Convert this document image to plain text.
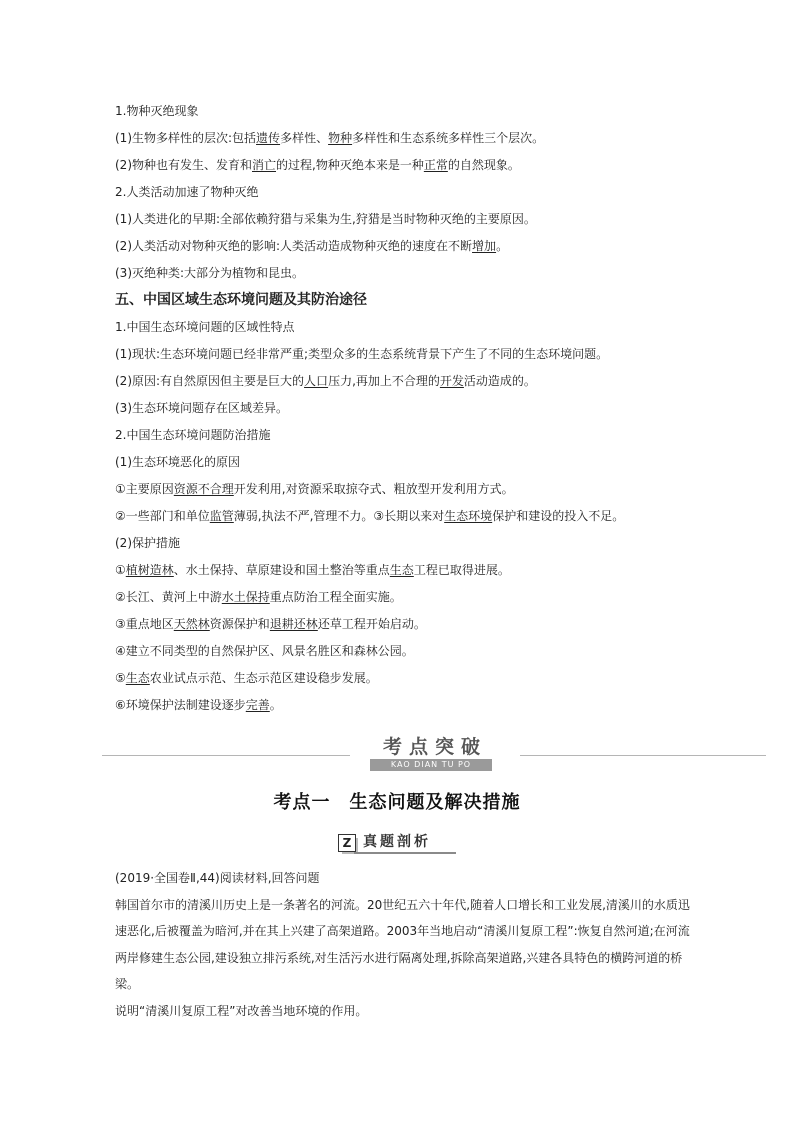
1.物种灭绝现象
(1)生物多样性的层次:包括遗传多样性、物种多样性和生态系统多样性三个层次。
(2)物种也有发生、发育和消亡的过程,物种灭绝本来是一种正常的自然现象。
2.人类活动加速了物种灭绝
(1)人类进化的早期:全部依赖狩猎与采集为生,狩猎是当时物种灭绝的主要原因。
(2)人类活动对物种灭绝的影响:人类活动造成物种灭绝的速度在不断增加。
(3)灭绝种类:大部分为植物和昆虫。
五、中国区域生态环境问题及其防治途径
1.中国生态环境问题的区域性特点
(1)现状:生态环境问题已经非常严重;类型众多的生态系统背景下产生了不同的生态环境问题。
(2)原因:有自然原因但主要是巨大的人口压力,再加上不合理的开发活动造成的。
(3)生态环境问题存在区域差异。
2.中国生态环境问题防治措施
(1)生态环境恶化的原因
①主要原因资源不合理开发利用,对资源采取掠夺式、粗放型开发利用方式。
②一些部门和单位监管薄弱,执法不严,管理不力。③长期以来对生态环境保护和建设的投入不足。
(2)保护措施
①植树造林、水土保持、草原建设和国土整治等重点生态工程已取得进展。
②长江、黄河上中游水土保持重点防治工程全面实施。
③重点地区天然林资源保护和退耕还林还草工程开始启动。
④建立不同类型的自然保护区、风景名胜区和森林公园。
⑤生态农业试点示范、生态示范区建设稳步发展。
⑥环境保护法制建设逐步完善。
考点突破
KAO DIAN TU PO
考点一　生态问题及解决措施
Z 真题剖析

(2019·全国卷Ⅱ,44)阅读材料,回答问题

韩国首尔市的清溪川历史上是一条著名的河流。20世纪五六十年代,随着人口增长和工业发展,清溪川的水质迅速恶化,后被覆盖为暗河,并在其上兴建了高架道路。2003年当地启动“清溪川复原工程”:恢复自然河道;在河流两岸修建生态公园,建设独立排污系统,对生活污水进行隔离处理,拆除高架道路,兴建各具特色的横跨河道的桥梁。

说明“清溪川复原工程”对改善当地环境的作用。
